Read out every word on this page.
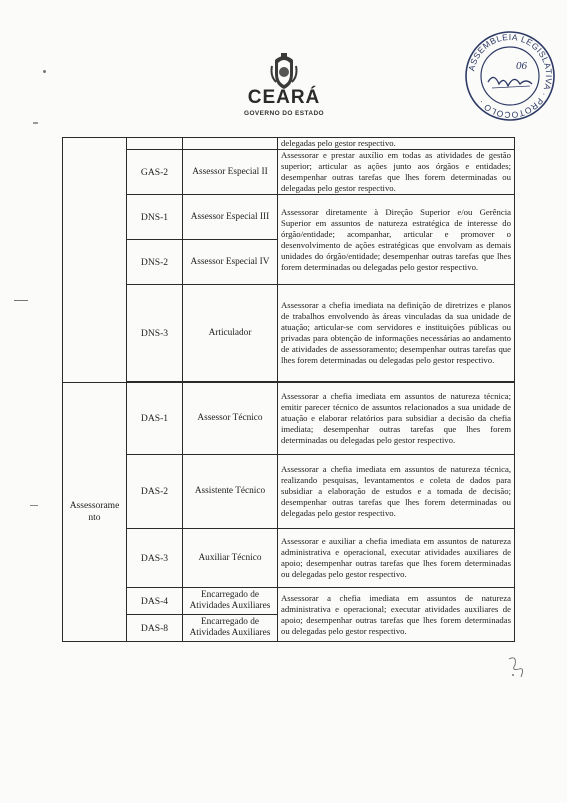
CEARÁ
GOVERNO DO ESTADO
ASSEMBLEIA LEGISLATIVA · PROTOCOLO ·
06
			delegadas pelo gestor respectivo.
	GAS-2	Assessor Especial II	Assessorar e prestar auxílio em todas as atividades de gestão superior; articular as ações junto aos órgãos e entidades; desempenhar outras tarefas que lhes forem determinadas ou delegadas pelo gestor respectivo.
	DNS-1	Assessor Especial III	Assessorar diretamente à Direção Superior e/ou Gerência Superior em assuntos de natureza estratégica de interesse do órgão/entidade; acompanhar, articular e promover o desenvolvimento de ações estratégicas que envolvam as demais unidades do órgão/entidade; desempenhar outras tarefas que lhes forem determinadas ou delegadas pelo gestor respectivo.
	DNS-2	Assessor Especial IV	
	DNS-3	Articulador	Assessorar a chefia imediata na definição de diretrizes e planos de trabalhos envolvendo às áreas vinculadas da sua unidade de atuação; articular-se com servidores e instituições públicas ou privadas para obtenção de informações necessárias ao andamento de atividades de assessoramento; desempenhar outras tarefas que lhes forem determinadas ou delegadas pelo gestor respectivo.

Assessoramento	DAS-1	Assessor Técnico	Assessorar a chefia imediata em assuntos de natureza técnica; emitir parecer técnico de assuntos relacionados a sua unidade de atuação e elaborar relatórios para subsidiar a decisão da chefia imediata; desempenhar outras tarefas que lhes forem determinadas ou delegadas pelo gestor respectivo.
	DAS-2	Assistente Técnico	Assessorar a chefia imediata em assuntos de natureza técnica, realizando pesquisas, levantamentos e coleta de dados para subsidiar a elaboração de estudos e a tomada de decisão; desempenhar outras tarefas que lhes forem determinadas ou delegadas pelo gestor respectivo.
	DAS-3	Auxiliar Técnico	Assessorar e auxiliar a chefia imediata em assuntos de natureza administrativa e operacional, executar atividades auxiliares de apoio; desempenhar outras tarefas que lhes forem determinadas ou delegadas pelo gestor respectivo.
	DAS-4	Encarregado de Atividades Auxiliares	Assessorar a chefia imediata em assuntos de natureza administrativa e operacional; executar atividades auxiliares de apoio; desempenhar outras tarefas que lhes forem determinadas ou delegadas pelo gestor respectivo.
	DAS-8	Encarregado de Atividades Auxiliares	
